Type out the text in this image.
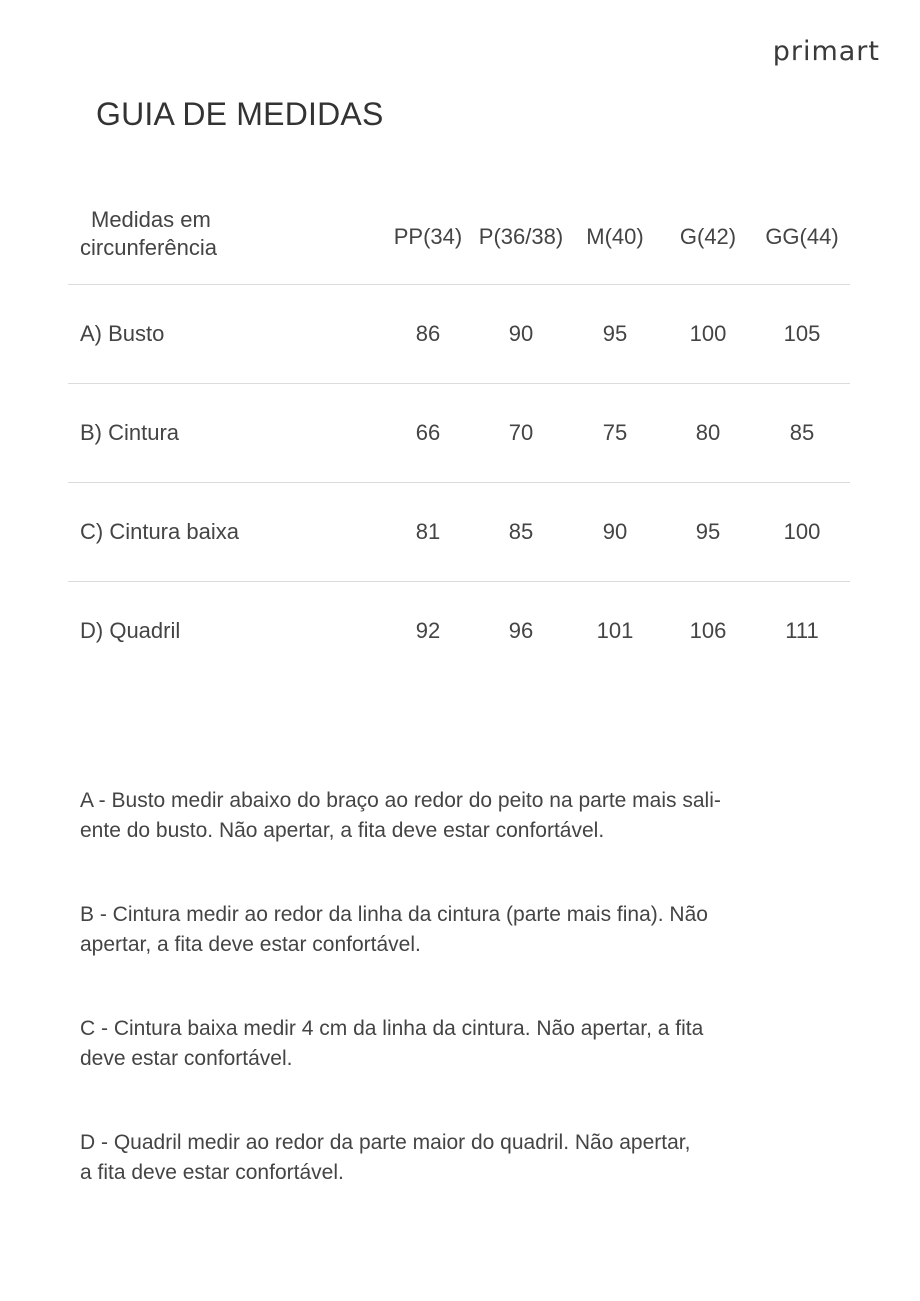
primart
GUIA DE MEDIDAS
Medidas em
circunferência	PP(34) P(36/38)	M(40)	G(42)	GG(44)
A) Busto	86	90	95	100	105
B) Cintura	66	70	75	80	85
C) Cintura baixa	81	85	90	95	100
D) Quadril	92	96	101	106	111

A - Busto medir abaixo do braço ao redor do peito na parte mais sali-
ente do busto. Não apertar, a fita deve estar confortável.

B - Cintura medir ao redor da linha da cintura (parte mais fina). Não
apertar, a fita deve estar confortável.

C - Cintura baixa medir 4 cm da linha da cintura. Não apertar, a fita
deve estar confortável.

D - Quadril medir ao redor da parte maior do quadril. Não apertar,
a fita deve estar confortável.
